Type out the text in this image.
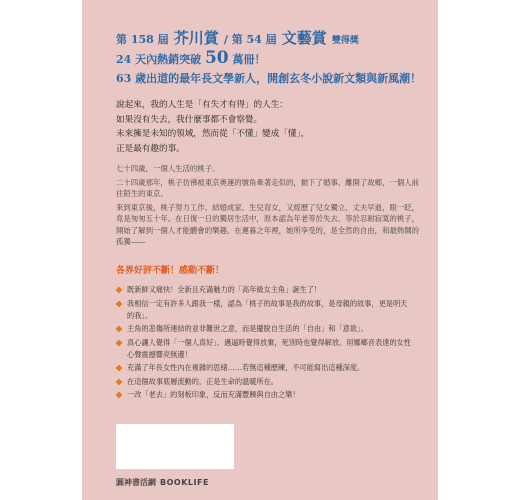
第 158 屆 芥川賞 / 第 54 屆 文藝賞 雙得獎
24 天內熱銷突破 50 萬冊！
63 歲出道的最年長文學新人，開創玄冬小說新文類與新風潮！
說起來，我的人生是「有失才有得」的人生：
如果沒有失去，我什麼事都不會察覺。
未來擁是未知的領域，然而從「不懂」變成「懂」，
正是最有趣的事。

七十四歲，一個人生活的桃子。

二十四歲那年，桃子彷彿被東京奧運的號角牽著走似的，拋下了婚事、離開了故鄉，一個人前往陌生的東京。

來到東京後，桃子努力工作、結婚成家、生兒育女，又經歷了兒女獨立、丈夫早逝，眼一眨，竟是匆匆五十年。在日復一日的獨居生活中，原本認為年老等於失去，等於忍耐寂寞的桃子，開始了解到一個人才能體會的樂趣。在遲暮之年裡，她所享受的，是全然的自由，和最熱鬧的孤獨——

各界好評不斷！感動不斷！
既新鮮又痛快！全新且充滿魅力的「高年級女主角」誕生了！
我相信一定有許多人跟我一樣，認為「桃子的故事是我的故事，是母親的故事，更是明天的我」。
主角的悲傷所連結的並非難世之意，而是擺脫自生活的「自由」和「意欲」。
真心讓人覺得「一個人真好」。邁逼時覺得放棄，死別時也覺得解放。用娜鄉音表達的女性心聲震撼響亮無邊！
充滿了年長女性內在複雜的思緒……若無這種歷練，不可能寫出這種深度。
在這個故事底層流動的，正是生命的溫暖所在。
一改「老去」的刻板印象，反而充滿豐饒與自由之樂！
圓神書活網 BOOKLIFE
